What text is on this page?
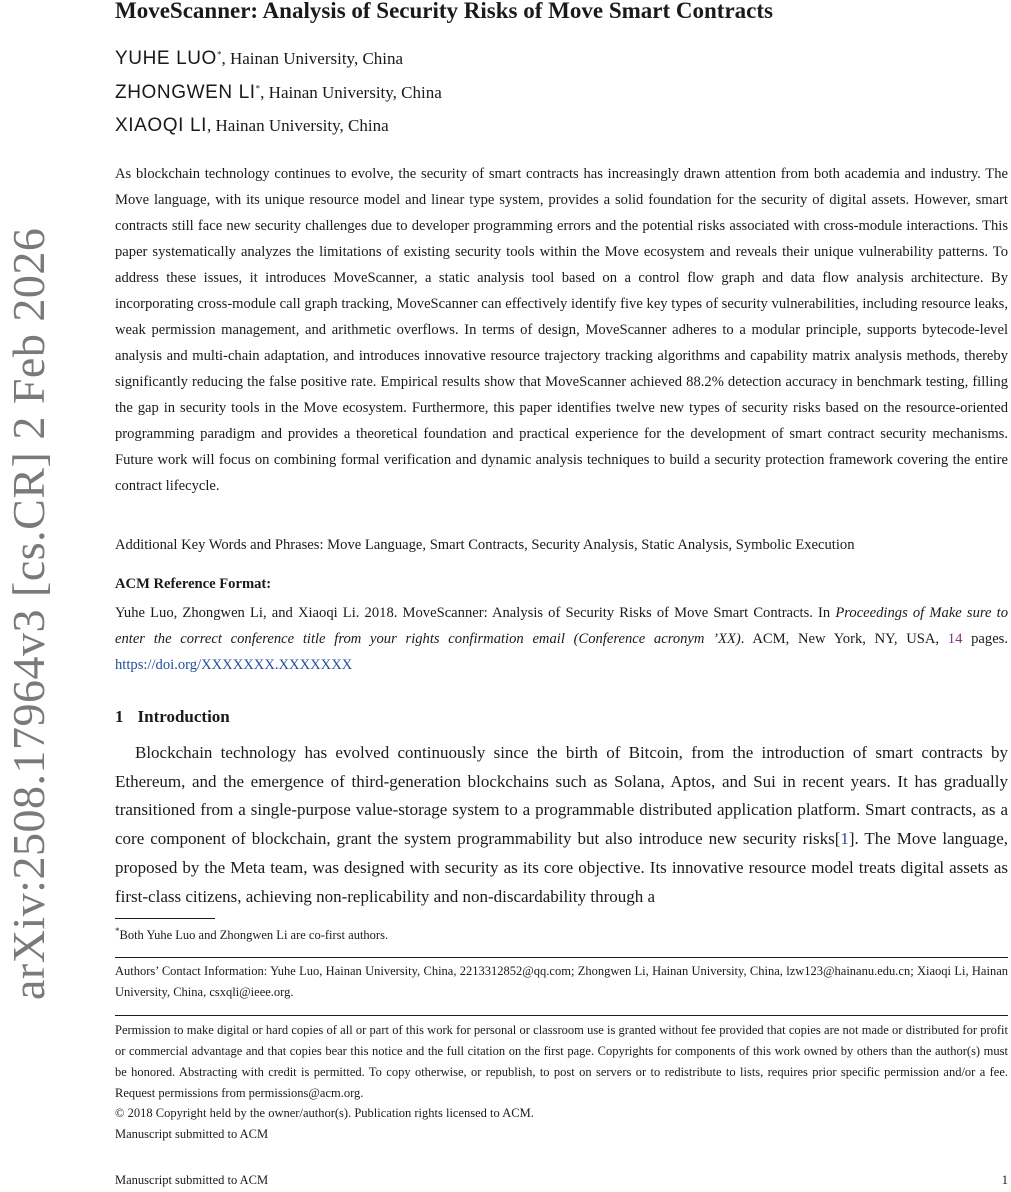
arXiv:2508.17964v3 [cs.CR] 2 Feb 2026
MoveScanner: Analysis of Security Risks of Move Smart Contracts
YUHE LUO*, Hainan University, China
ZHONGWEN LI*, Hainan University, China
XIAOQI LI, Hainan University, China

As blockchain technology continues to evolve, the security of smart contracts has increasingly drawn attention from both academia and industry. The Move language, with its unique resource model and linear type system, provides a solid foundation for the security of digital assets. However, smart contracts still face new security challenges due to developer programming errors and the potential risks associated with cross-module interactions. This paper systematically analyzes the limitations of existing security tools within the Move ecosystem and reveals their unique vulnerability patterns. To address these issues, it introduces MoveScanner, a static analysis tool based on a control flow graph and data flow analysis architecture. By incorporating cross-module call graph tracking, MoveScanner can effectively identify five key types of security vulnerabilities, including resource leaks, weak permission management, and arithmetic overflows. In terms of design, MoveScanner adheres to a modular principle, supports bytecode-level analysis and multi-chain adaptation, and introduces innovative resource trajectory tracking algorithms and capability matrix analysis methods, thereby significantly reducing the false positive rate. Empirical results show that MoveScanner achieved 88.2% detection accuracy in benchmark testing, filling the gap in security tools in the Move ecosystem. Furthermore, this paper identifies twelve new types of security risks based on the resource-oriented programming paradigm and provides a theoretical foundation and practical experience for the development of smart contract security mechanisms. Future work will focus on combining formal verification and dynamic analysis techniques to build a security protection framework covering the entire contract lifecycle.

Additional Key Words and Phrases: Move Language, Smart Contracts, Security Analysis, Static Analysis, Symbolic Execution
ACM Reference Format:

Yuhe Luo, Zhongwen Li, and Xiaoqi Li. 2018. MoveScanner: Analysis of Security Risks of Move Smart Contracts. In Proceedings of Make sure to enter the correct conference title from your rights confirmation email (Conference acronym ’XX). ACM, New York, NY, USA, 14 pages. https://doi.org/XXXXXXX.XXXXXXX

1 Introduction

Blockchain technology has evolved continuously since the birth of Bitcoin, from the introduction of smart contracts by Ethereum, and the emergence of third-generation blockchains such as Solana, Aptos, and Sui in recent years. It has gradually transitioned from a single-purpose value-storage system to a programmable distributed application platform. Smart contracts, as a core component of blockchain, grant the system programmability but also introduce new security risks[1]. The Move language, proposed by the Meta team, was designed with security as its core objective. Its innovative resource model treats digital assets as first-class citizens, achieving non-replicability and non-discardability through a

*Both Yuhe Luo and Zhongwen Li are co-first authors.

Authors’ Contact Information: Yuhe Luo, Hainan University, China, 2213312852@qq.com; Zhongwen Li, Hainan University, China, lzw123@hainanu.edu.cn; Xiaoqi Li, Hainan University, China, csxqli@ieee.org.

Permission to make digital or hard copies of all or part of this work for personal or classroom use is granted without fee provided that copies are not made or distributed for profit or commercial advantage and that copies bear this notice and the full citation on the first page. Copyrights for components of this work owned by others than the author(s) must be honored. Abstracting with credit is permitted. To copy otherwise, or republish, to post on servers or to redistribute to lists, requires prior specific permission and/or a fee. Request permissions from permissions@acm.org.

© 2018 Copyright held by the owner/author(s). Publication rights licensed to ACM.
Manuscript submitted to ACM
Manuscript submitted to ACM	1
